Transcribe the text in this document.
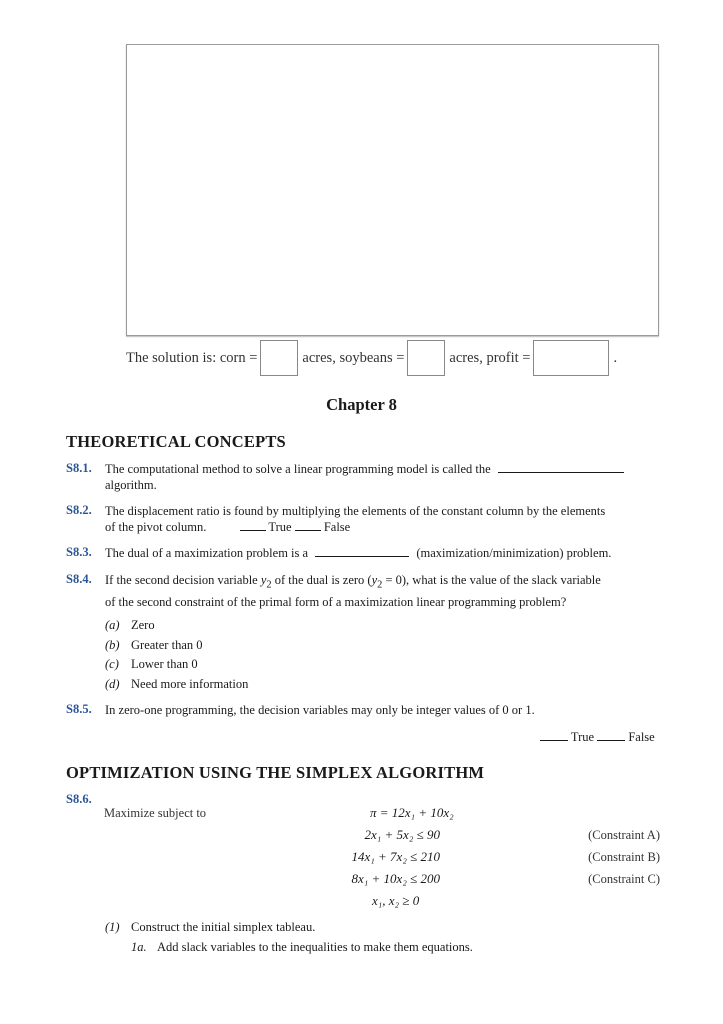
The solution is: corn =	acres, soybeans =	acres, profit =	.
Chapter 8
THEORETICAL CONCEPTS
S8.1. The computational method to solve a linear programming model is called the
algorithm.
S8.2. The displacement ratio is found by multiplying the elements of the constant column by the elements
of the pivot column.	True	False
S8.3. The dual of a maximization problem is a	(maximization/minimization) problem.
S8.4. If the second decision variable $y_2$ of the dual is zero $(y_2 = 0)$, what is the value of the slack variable
of the second constraint of the primal form of a maximization linear programming problem?
(a) Zero
(b) Greater than 0
(c) Lower than 0
(d) Need more information
S8.5. In zero-one programming, the decision variables may only be integer values of 0 or 1.
True	False
OPTIMIZATION USING THE SIMPLEX ALGORITHM
S8.6.
Maximize subject to	π = 12x₁ + 10x₂
2x₁ + 5x₂ ≤ 90	(Constraint A)
14x₁ + 7x₂ ≤ 210	(Constraint B)
8x₁ + 10x₂ ≤ 200	(Constraint C)
x₁, x₂ ≥ 0
(1) Construct the initial simplex tableau.
1a. Add slack variables to the inequalities to make them equations.
